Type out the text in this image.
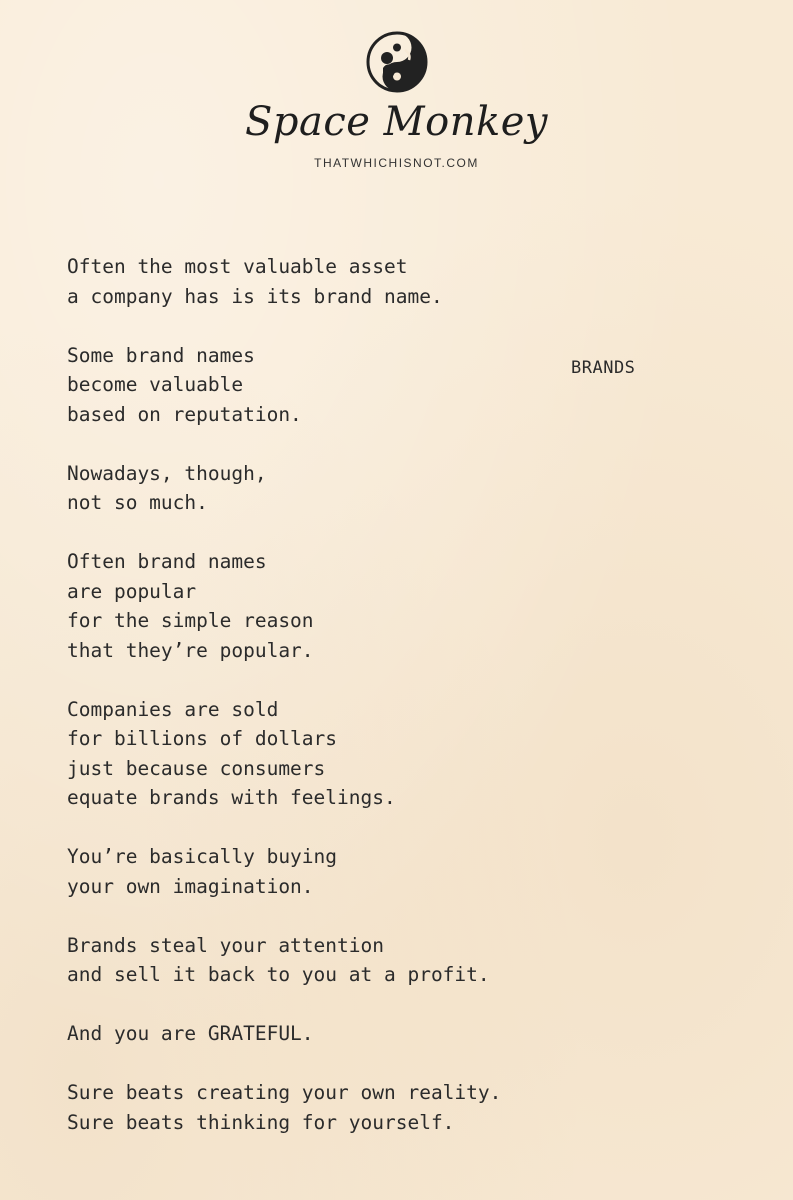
Space Monkey
THATWHICHISNOT.COM
BRANDS
Often the most valuable asset
a company has is its brand name.
Some brand names
become valuable
based on reputation.
Nowadays, though,
not so much.
Often brand names
are popular
for the simple reason
that they’re popular.
Companies are sold
for billions of dollars
just because consumers
equate brands with feelings.
You’re basically buying
your own imagination.
Brands steal your attention
and sell it back to you at a profit.
And you are GRATEFUL.
Sure beats creating your own reality.
Sure beats thinking for yourself.
